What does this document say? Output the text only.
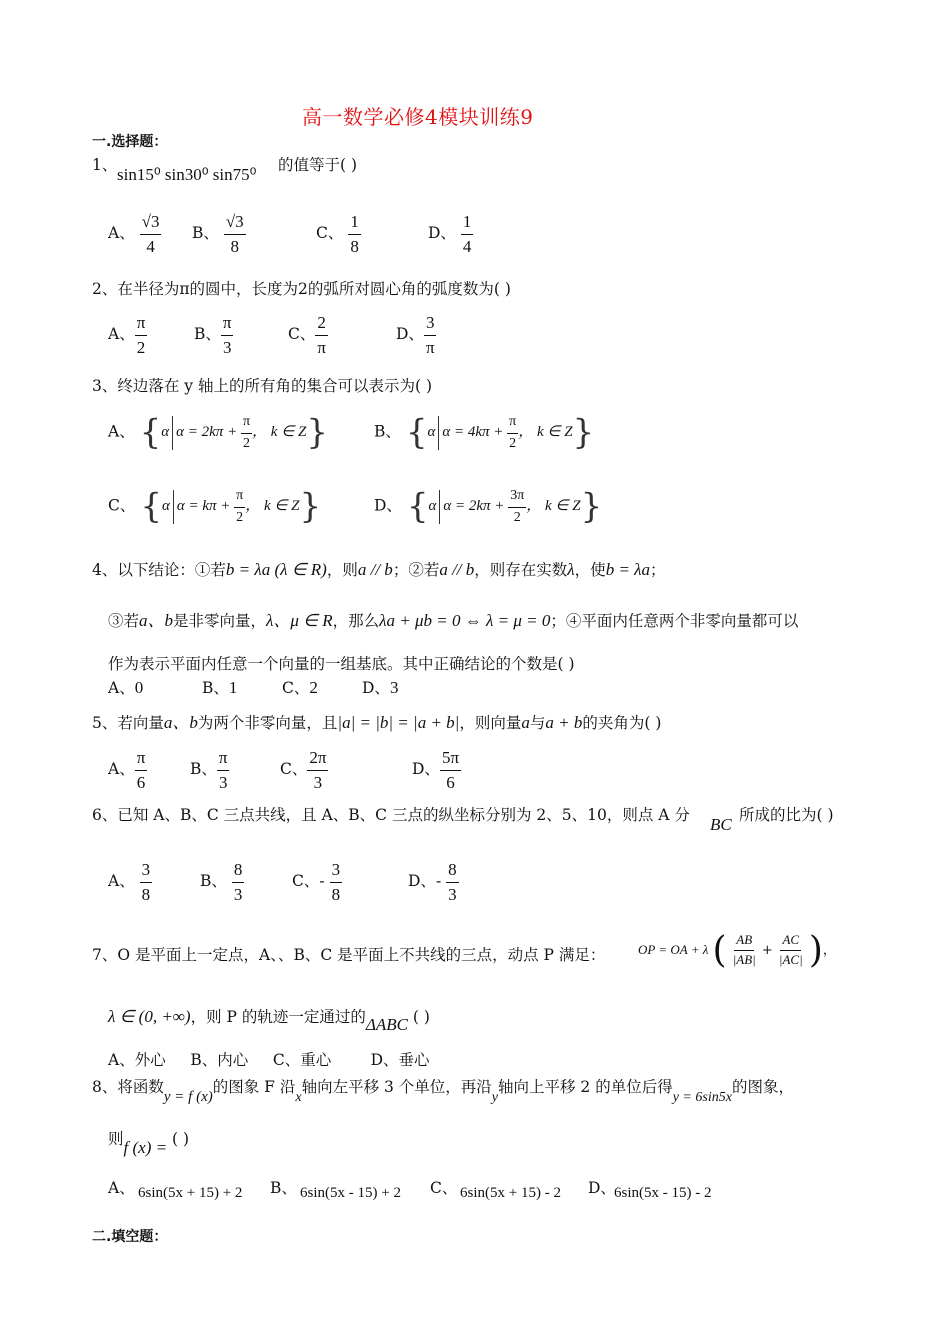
高一数学必修4模块训练9
一.选择题：
1、 sin15⁰ sin30⁰ sin75⁰ 的值等于( )
A、 $\frac{√3}{4}$ B、 $\frac{√3}{8}$	C、 $\frac{1}{8}$	D、 $\frac{1}{4}$
2、在半径为π的圆中，长度为2的弧所对圆心角的弧度数为( )
A、 $\frac{\pi}{2}$	B、 $\frac{\pi}{3}$	C、 $\frac{2}{\pi}$	D、 $\frac{3}{\pi}$
3、终边落在 y 轴上的所有角的集合可以表示为( )
A、 {α $\alpha = 2k\pi + \frac{\pi}{2}$ ， k ∈ Z}	B、 {α $\alpha = 4k\pi + \frac{\pi}{2}$ ， k ∈ Z}
C、 {α $\alpha = k\pi + \frac{\pi}{2}$ ， k ∈ Z}	D、 {α $\alpha = 2k\pi + \frac{3\pi}{2}$ ， k ∈ Z}
4、以下结论：①若b = λa (λ ∈ R)，则a // b；②若a // b，则存在实数λ，使b = λa；
③若a、b是非零向量，λ、μ ∈ R，那么λa + μb = 0 ⇔ λ = μ = 0；④平面内任意两个非零向量都可以
作为表示平面内任意一个向量的一组基底。其中正确结论的个数是( )
A、0	B、1	C、2	D、3
5、若向量a、b为两个非零向量，且|a| = |b| = |a + b|，则向量a与a + b的夹角为( )
A、 $\frac{\pi}{6}$	B、 $\frac{\pi}{3}$	C、 $\frac{2\pi}{3}$	D、 $\frac{5\pi}{6}$
6、已知 A、B、C 三点共线，且 A、B、C 三点的纵坐标分别为 2、5、10，则点 A 分 BC 所成的比为( )
A、 $\frac{3}{8}$	B、 $\frac{8}{3}$	C、- $\frac{3}{8}$	D、- $\frac{8}{3}$
7、O 是平面上一定点，A、、B、C 是平面上不共线的三点，动点 P 满足：	OP = OA + λ ( $\frac{AB}{|AB|} + \frac{AC}{|AC|}$ )，
λ ∈ (0, +∞)，则 P 的轨迹一定通过的ΔABC ( )
A、外心     B、内心     C、重心        D、垂心
8、将函数y = f (x)的图象 F 沿x轴向左平移 3 个单位，再沿y轴向上平移 2 的单位后得y = 6sin5x的图象，
则f (x) = ( )
A、 6sin(5x + 15) + 2 B、 6sin(5x - 15) + 2 C、 6sin(5x + 15) - 2 D、
6sin(5x - 15) - 2
二.填空题：
